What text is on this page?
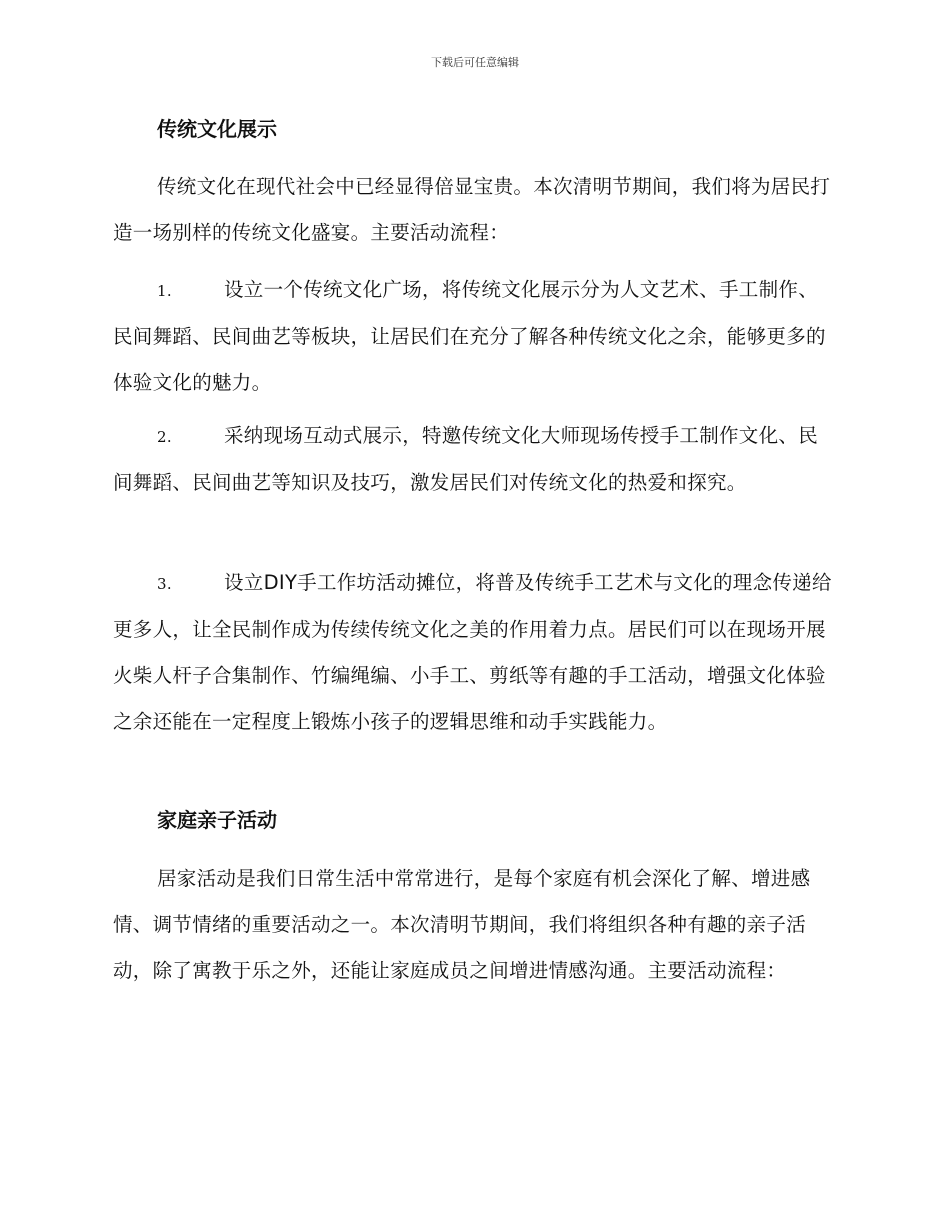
下载后可任意编辑
传统文化展示

传统文化在现代社会中已经显得倍显宝贵。本次清明节期间，我们将为居民打造一场别样的传统文化盛宴。主要活动流程：

1.	设立一个传统文化广场，将传统文化展示分为人文艺术、手工制作、民间舞蹈、民间曲艺等板块，让居民们在充分了解各种传统文化之余，能够更多的体验文化的魅力。

2.	采纳现场互动式展示，特邀传统文化大师现场传授手工制作文化、民间舞蹈、民间曲艺等知识及技巧，激发居民们对传统文化的热爱和探究。

3.	设立DIY手工作坊活动摊位，将普及传统手工艺术与文化的理念传递给更多人，让全民制作成为传续传统文化之美的作用着力点。居民们可以在现场开展火柴人杆子合集制作、竹编绳编、小手工、剪纸等有趣的手工活动，增强文化体验之余还能在一定程度上锻炼小孩子的逻辑思维和动手实践能力。

家庭亲子活动

居家活动是我们日常生活中常常进行，是每个家庭有机会深化了解、增进感情、调节情绪的重要活动之一。本次清明节期间，我们将组织各种有趣的亲子活动，除了寓教于乐之外，还能让家庭成员之间增进情感沟通。主要活动流程：
